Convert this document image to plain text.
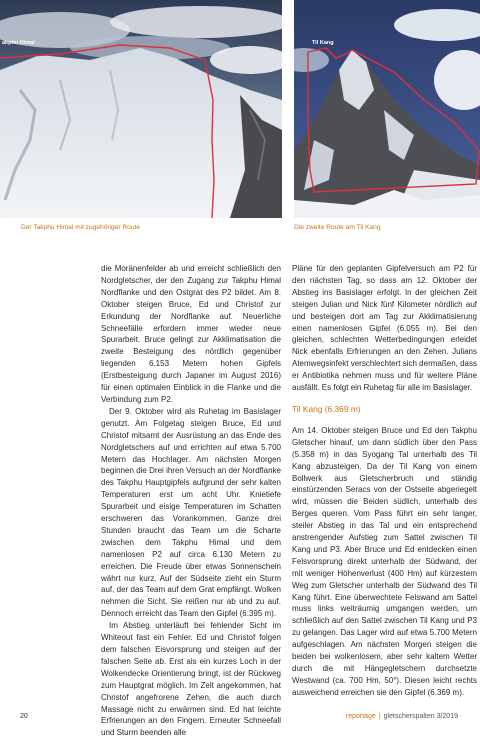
akphu Himal	Til Kang
Der Takphu Himal mit zugehöriger Route	Die zweite Route am Til Kang

die Moränenfelder ab und erreicht schließlich den Nordgletscher, der den Zugang zur Takphu Himal Nordflanke und den Ostgrat des P2 bildet. Am 8. Oktober steigen Bruce, Ed und Christof zur Erkundung der Nordflanke auf. Neuerliche Schneefälle erfordern immer wieder neue Spurarbeit. Bruce gelingt zur Akklimatisation die zweite Besteigung des nördlich gegenüber liegenden 6.153 Metern hohen Gipfels (Erstbesteigung durch Japaner im August 2016) für einen optimalen Einblick in die Flanke und die Verbindung zum P2.

Der 9. Oktober wird als Ruhetag im Basislager genutzt. Am Folgetag steigen Bruce, Ed und Christof mitsamt der Ausrüstung an das Ende des Nordgletschers auf und errichten auf etwa 5.700 Metern das Hochlager. Am nächsten Morgen beginnen die Drei ihren Versuch an der Nordflanke des Takphu Hauptgipfels aufgrund der sehr kalten Temperaturen erst um acht Uhr. Knietiefe Spurarbeit und eisige Temperaturen im Schatten erschweren das Vorankommen. Ganze drei Stunden braucht das Team um die Scharte zwischen dem Takphu Himal und dem namenlosen P2 auf circa 6.130 Metern zu erreichen. Die Freude über etwas Sonnenschein währt nur kurz. Auf der Südseite zieht ein Sturm auf, der das Team auf dem Grat empfängt. Wolken nehmen die Sicht. Sie reißen nur ab und zu auf. Dennoch erreicht das Team den Gipfel (6.395 m).

Im Abstieg unterläuft bei fehlender Sicht im Whiteout fast ein Fehler. Ed und Christof folgen dem falschen Eisvorsprung und steigen auf der falschen Seite ab. Erst als ein kurzes Loch in der Wolkendecke Orientierung bringt, ist der Rückweg zum Hauptgrat möglich. Im Zelt angekommen, hat Christof angefrorene Zehen, die auch durch Massage nicht zu erwärmen sind. Ed hat leichte Erfrierungen an den Fingern. Erneuter Schneefall und Sturm beenden alle

Pläne für den geplanten Gipfelversuch am P2 für den nächsten Tag, so dass am 12. Oktober der Abstieg ins Basislager erfolgt. In der gleichen Zeit steigen Julian und Nick fünf Kilometer nördlich auf und besteigen dort am Tag zur Akklimatisierung einen namenlosen Gipfel (6.055 m). Bei den gleichen, schlechten Wetterbedingungen erleidet Nick ebenfalls Erfrierungen an den Zehen. Julians Atemwegsinfekt verschlechtert sich dermaßen, dass er Antibiotika nehmen muss und für weitere Pläne ausfällt. Es folgt ein Ruhetag für alle im Basislager.

Til Kang (6.369 m)

Am 14. Oktober steigen Bruce und Ed den Takphu Gletscher hinauf, um dann südlich über den Pass (5.358 m) in das Syogang Tal unterhalb des Til Kang abzusteigen. Da der Til Kang von einem Bollwerk aus Gletscherbruch und ständig einstürzenden Seracs von der Ostseite abgeriegelt wird, müssen die Beiden südlich, unterhalb des Berges queren. Vom Pass führt ein sehr langer, steiler Abstieg in das Tal und ein entsprechend anstrengender Aufstieg zum Sattel zwischen Til Kang und P3. Aber Bruce und Ed entdecken einen Felsvorsprung direkt unterhalb der Südwand, der mit weniger Höhenverlust (400 Hm) auf kürzestem Weg zum Gletscher unterhalb der Südwand des Til Kang führt. Eine überwechtete Felswand am Sattel muss links weiträumig umgangen werden, um schließlich auf den Sattel zwischen Til Kang und P3 zu gelangen. Das Lager wird auf etwa 5.700 Metern aufgeschlagen. Am nächsten Morgen steigen die beiden bei wolkenlosem, aber sehr kaltem Wetter durch die mit Hängegletschern durchsetzte Westwand (ca. 700 Hm, 50°). Diesen leicht rechts ausweichend erreichen sie den Gipfel (6.369 m).

20	reportage | gletscherspalten 3/2019
